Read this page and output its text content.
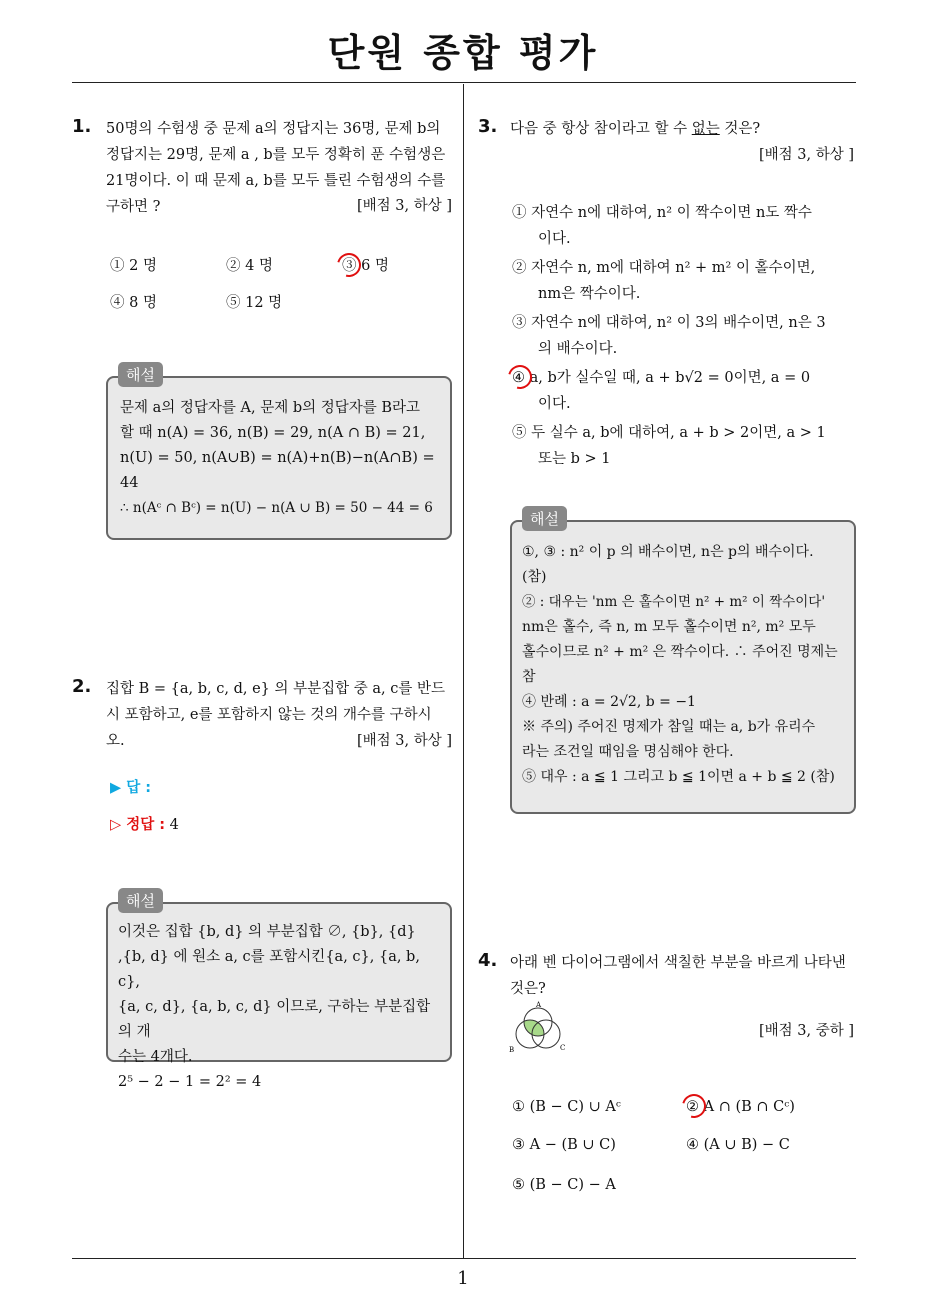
단원 종합 평가
1
1. 50명의 수험생 중 문제 a의 정답지는 36명, 문제 b의
정답지는 29명, 문제 a , b를 모두 정확히 푼 수험생은
21명이다. 이 때 문제 a, b를 모두 틀린 수험생의 수를
구하면 ?	[배점 3, 하상 ]
① 2 명	② 4 명	③ 6 명
④ 8 명	⑤ 12 명
문제 a의 정답자를 A, 문제 b의 정답자를 B라고
할 때 n(A) = 36, n(B) = 29, n(A ∩ B) = 21,
n(U) = 50, n(A∪B) = n(A)+n(B)−n(A∩B) =
44
∴ n(Aᶜ ∩ Bᶜ) = n(U) − n(A ∪ B) = 50 − 44 = 6
해설
2. 집합 B = {a, b, c, d, e} 의 부분집합 중 a, c를 반드
시 포함하고, e를 포함하지 않는 것의 개수를 구하시
오.	[배점 3, 하상 ]
▶ 답 :
▷ 정답 : 4
이것은 집합 {b, d} 의 부분집합 ∅, {b}, {d}
,{b, d} 에 원소 a, c를 포함시킨{a, c}, {a, b, c},
{a, c, d}, {a, b, c, d} 이므로, 구하는 부분집합의 개
수는 4개다.
2⁵ − 2 − 1 = 2² = 4
해설
3. 다음 중 항상 참이라고 할 수 없는 것은?
[배점 3, 하상 ]
① 자연수 n에 대하여, n² 이 짝수이면 n도 짝수
이다.
② 자연수 n, m에 대하여 n² + m² 이 홀수이면,
nm은 짝수이다.
③ 자연수 n에 대하여, n² 이 3의 배수이면, n은 3
의 배수이다.
④ a, b가 실수일 때, a + b√2 = 0이면, a = 0
이다.
⑤ 두 실수 a, b에 대하여, a + b > 2이면, a > 1
또는 b > 1
①, ③ : n² 이 p 의 배수이면, n은 p의 배수이다.
(참)
② : 대우는 'nm 은 홀수이면 n² + m² 이 짝수이다'
nm은 홀수, 즉 n, m 모두 홀수이면 n², m² 모두
홀수이므로 n² + m² 은 짝수이다. ∴ 주어진 명제는
참
④ 반례 : a = 2√2, b = −1
※ 주의) 주어진 명제가 참일 때는 a, b가 유리수
라는 조건일 때임을 명심해야 한다.
⑤ 대우 : a ≦ 1 그리고 b ≦ 1이면 a + b ≦ 2 (참)
해설
4. 아래 벤 다이어그램에서 색칠한 부분을 바르게 나타낸
것은?
A
B	C
[배점 3, 중하 ]
① (B − C) ∪ Aᶜ	② A ∩ (B ∩ Cᶜ)
③ A − (B ∪ C)	④ (A ∪ B) − C
⑤ (B − C) − A
